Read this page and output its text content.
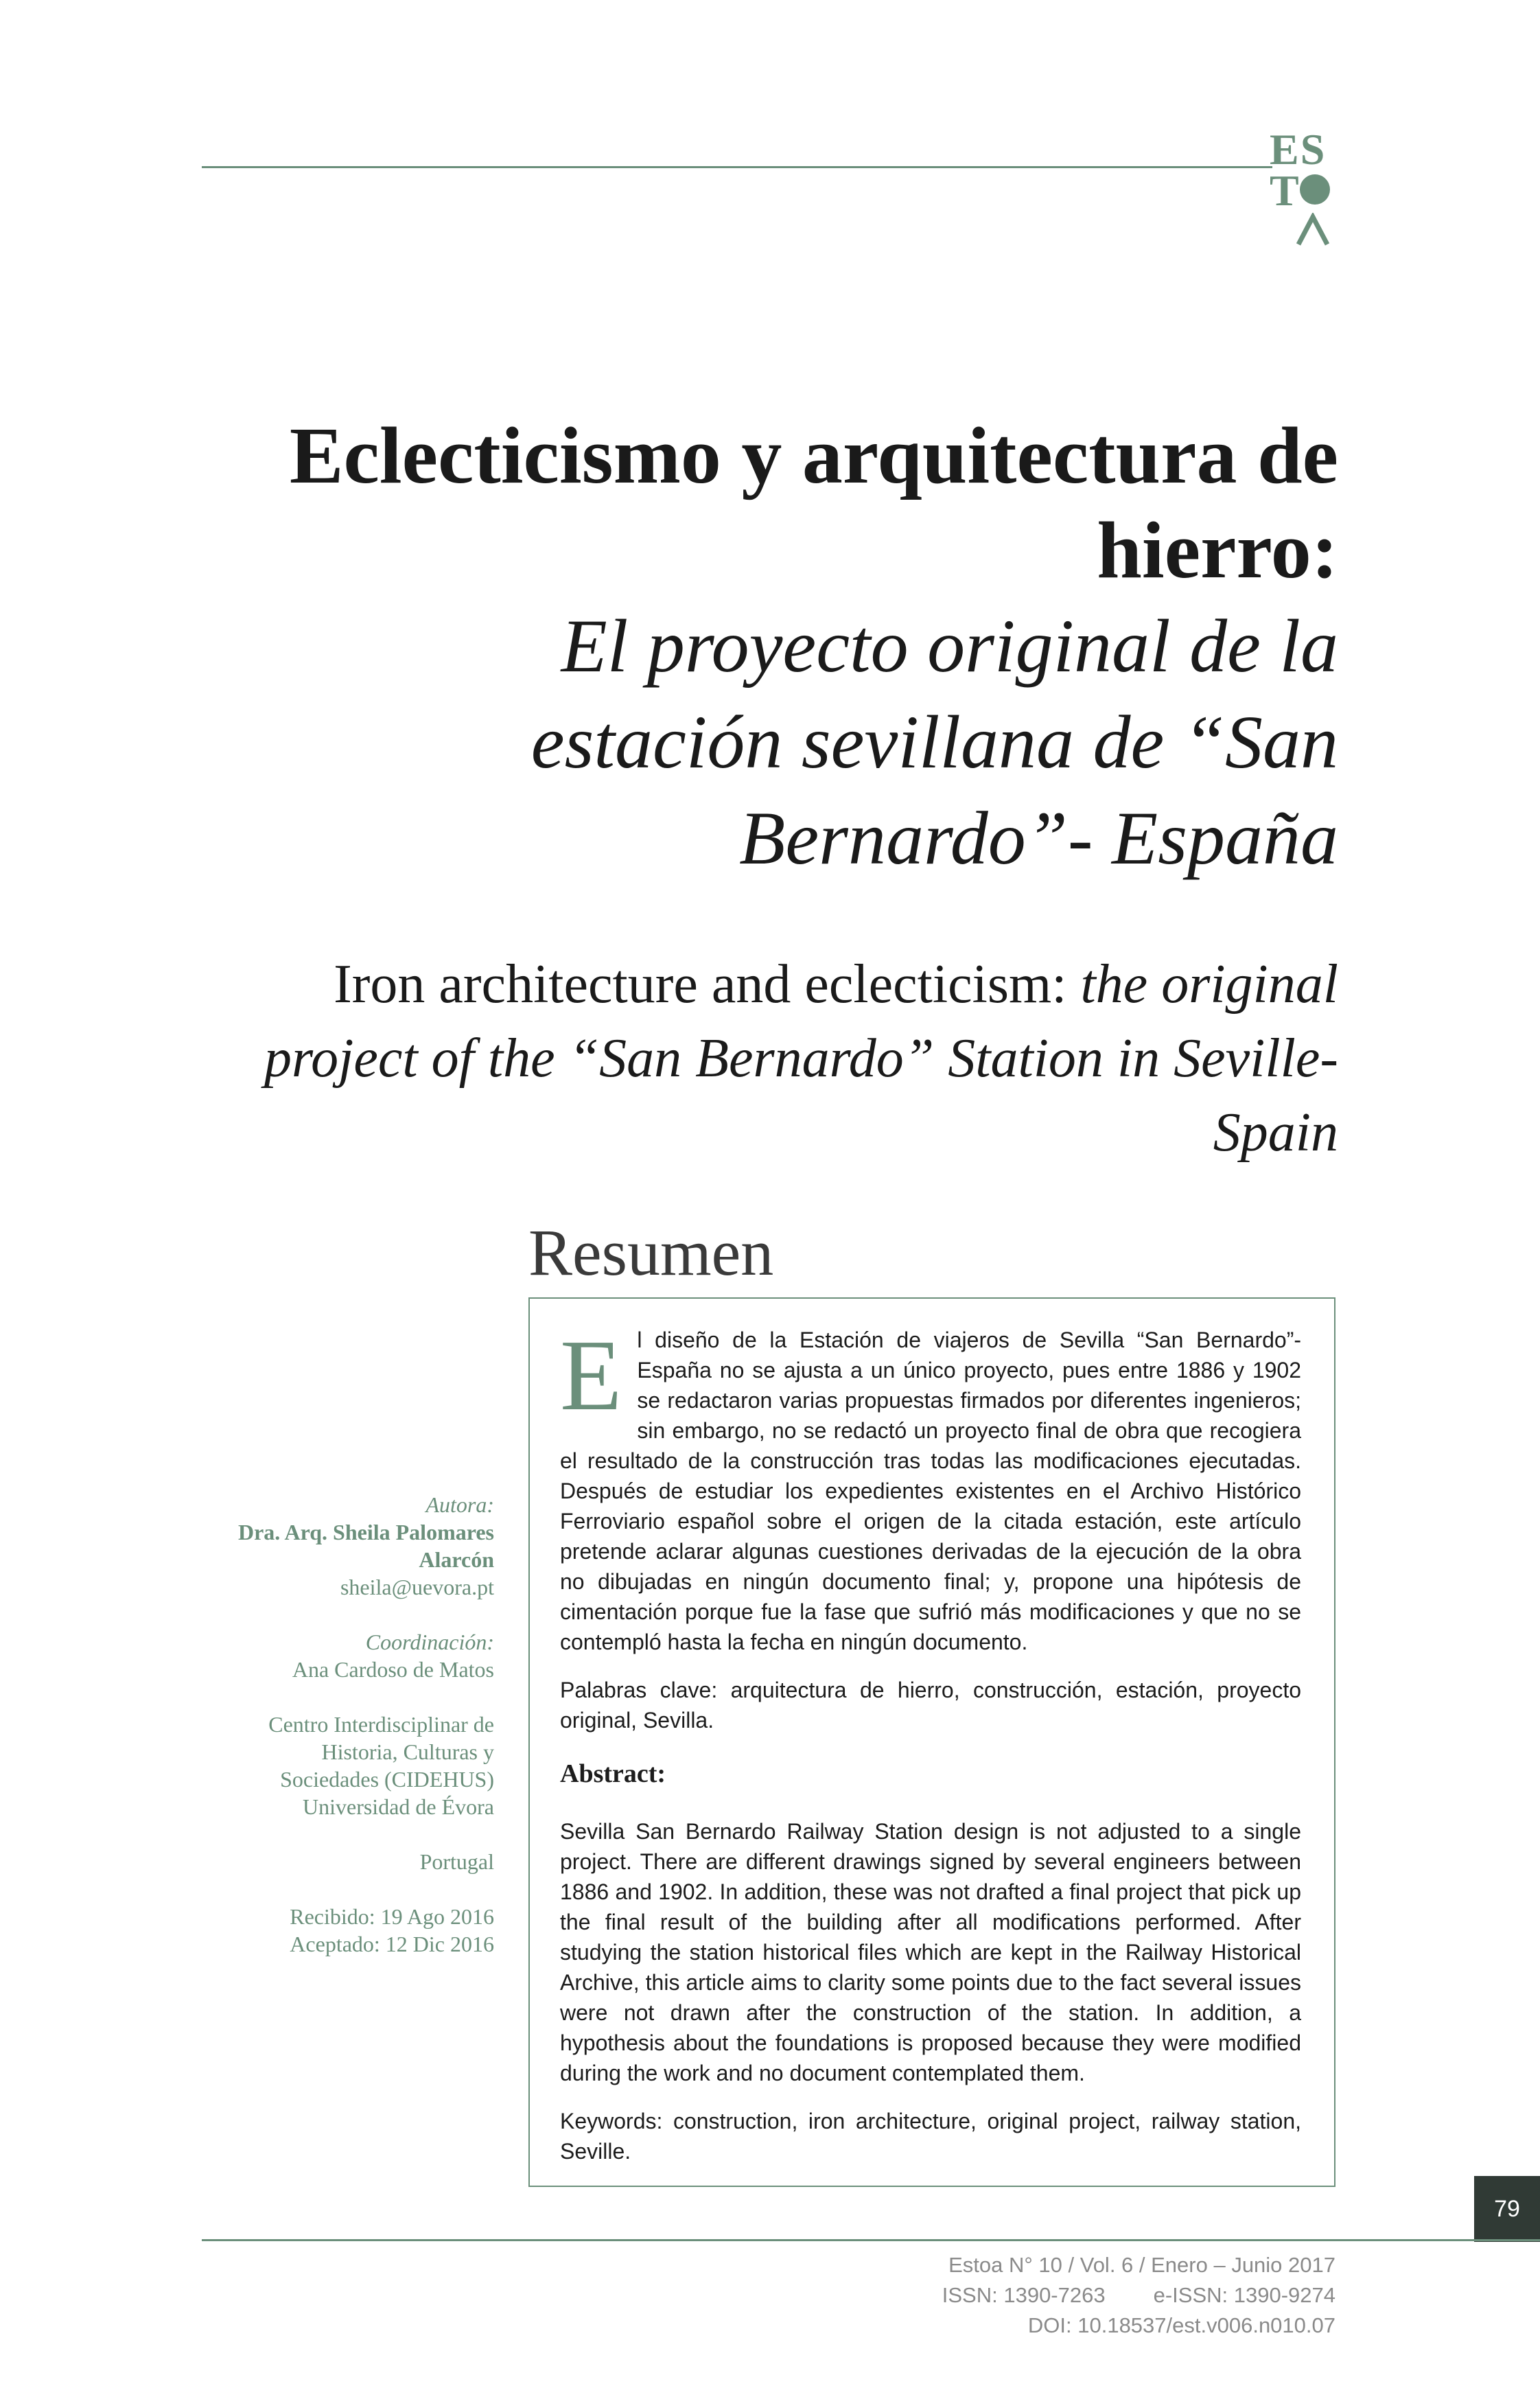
ES
T
Eclecticismo y arquitectura de
hierro:
El proyecto original de la
estación sevillana de “San
Bernardo”- España
Iron architecture and eclecticism: the original
project of the “San Bernardo” Station in Seville-
Spain
Resumen

El diseño de la Estación de viajeros de Sevilla “San Bernardo”-España no se ajusta a un único proyecto, pues entre 1886 y 1902 se redactaron varias propuestas firmados por diferentes ingenieros; sin embargo, no se redactó un proyecto final de obra que recogiera el resultado de la construcción tras todas las modificaciones ejecutadas. Después de estudiar los expedientes existentes en el Archivo Histórico Ferroviario español sobre el origen de la citada estación, este artículo pretende aclarar algunas cuestiones derivadas de la ejecución de la obra no dibujadas en ningún documento final; y, propone una hipótesis de cimentación porque fue la fase que sufrió más modificaciones y que no se contempló hasta la fecha en ningún documento.

Palabras clave: arquitectura de hierro, construcción, estación, proyecto original, Sevilla.

Abstract:

Sevilla San Bernardo Railway Station design is not adjusted to a single project. There are different drawings signed by several engineers between 1886 and 1902. In addition, these was not drafted a final project that pick up the final result of the building after all modifications performed. After studying the station historical files which are kept in the Railway Historical Archive, this article aims to clarity some points due to the fact several issues were not drawn after the construction of the station. In addition, a hypothesis about the foundations is proposed because they were modified during the work and no document contemplated them.

Keywords: construction, iron architecture, original project, railway station, Seville.

Autora:
Dra. Arq. Sheila Palomares
Alarcón
sheila@uevora.pt
Coordinación:
Ana Cardoso de Matos
Centro Interdisciplinar de
Historia, Culturas y
Sociedades (CIDEHUS)
Universidad de Évora
Portugal
Recibido: 19 Ago 2016
Aceptado: 12 Dic 2016
79
Estoa N° 10 / Vol. 6 / Enero – Junio 2017
ISSN: 1390-7263 e-ISSN: 1390-9274
DOI: 10.18537/est.v006.n010.07
